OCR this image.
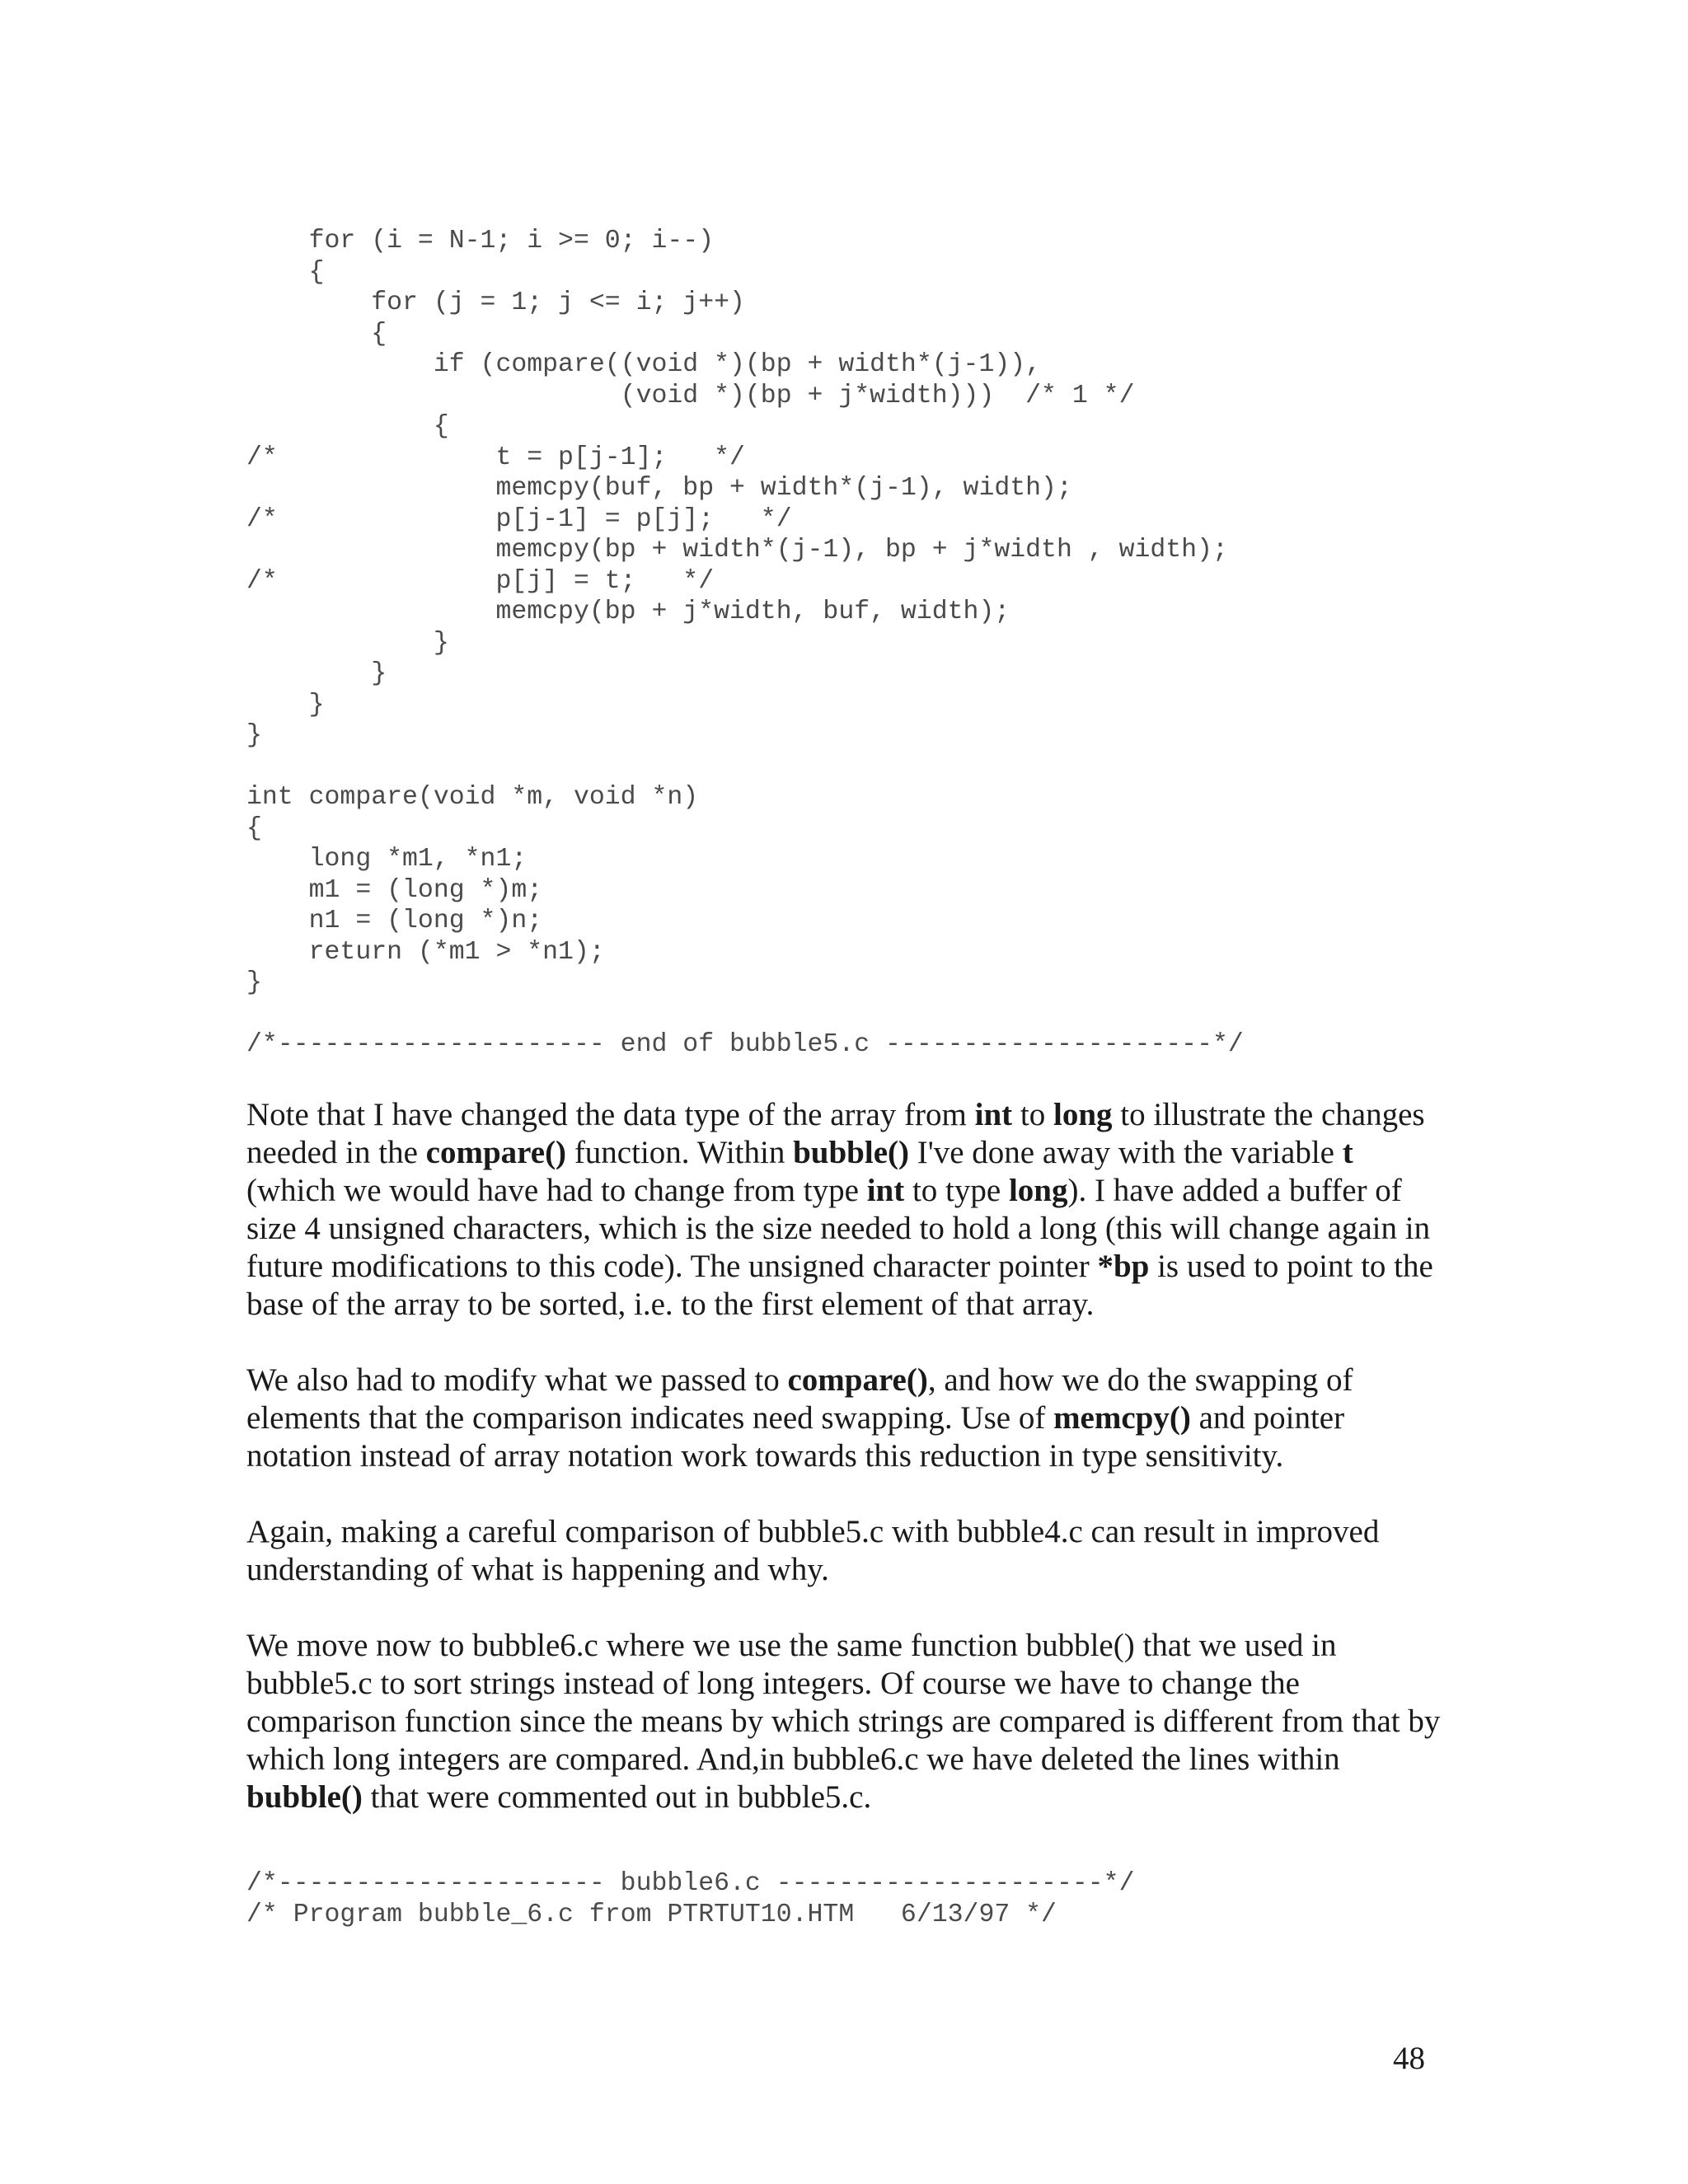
for (i = N-1; i >= 0; i--)
{
for (j = 1; j <= i; j++)
{
if (compare((void *)(bp + width*(j-1)),
(void *)(bp + j*width)))  /* 1 */
{
/*              t = p[j-1];   */
memcpy(buf, bp + width*(j-1), width);
/*              p[j-1] = p[j];   */
memcpy(bp + width*(j-1), bp + j*width , width);
/*              p[j] = t;   */
memcpy(bp + j*width, buf, width);
}
}
}
}
int compare(void *m, void *n)
{
long *m1, *n1;
m1 = (long *)m;
n1 = (long *)n;
return (*m1 > *n1);
}
/*--------------------- end of bubble5.c ---------------------*/

Note that I have changed the data type of the array from int to long to illustrate the changes needed in the compare() function. Within bubble() I've done away with the variable t (which we would have had to change from type int to type long). I have added a buffer of size 4 unsigned characters, which is the size needed to hold a long (this will change again in future modifications to this code). The unsigned character pointer *bp is used to point to the base of the array to be sorted, i.e. to the first element of that array.

We also had to modify what we passed to compare(), and how we do the swapping of elements that the comparison indicates need swapping. Use of memcpy() and pointer notation instead of array notation work towards this reduction in type sensitivity.

Again, making a careful comparison of bubble5.c with bubble4.c can result in improved understanding of what is happening and why.

We move now to bubble6.c where we use the same function bubble() that we used in bubble5.c to sort strings instead of long integers. Of course we have to change the comparison function since the means by which strings are compared is different from that by which long integers are compared. And,in bubble6.c we have deleted the lines within bubble() that were commented out in bubble5.c.

/*--------------------- bubble6.c ---------------------*/
/* Program bubble_6.c from PTRTUT10.HTM   6/13/97 */
48
